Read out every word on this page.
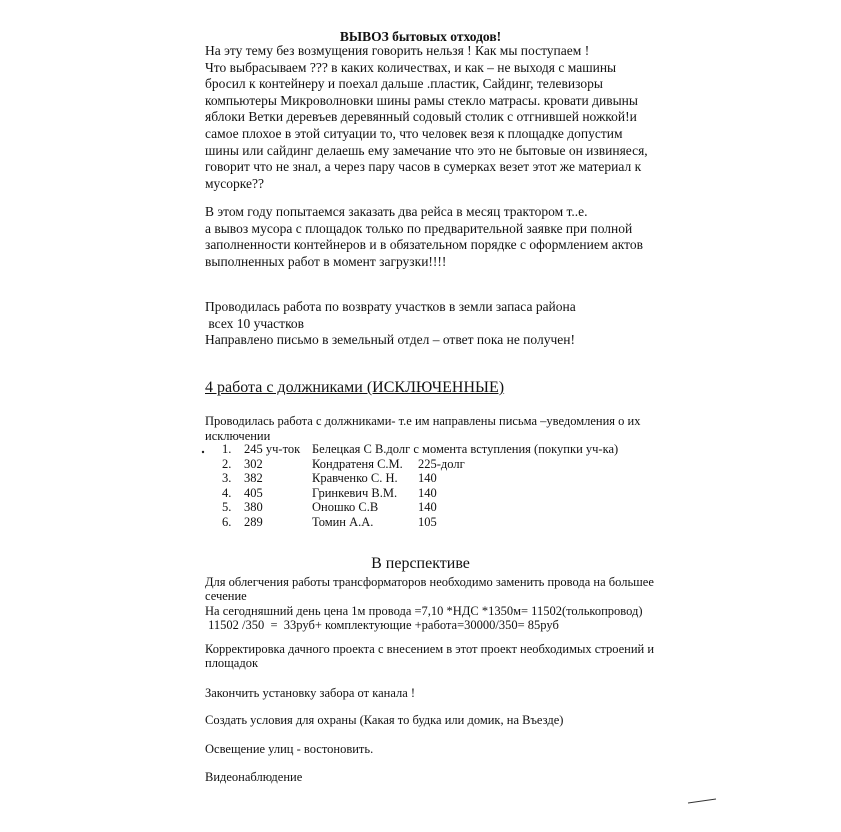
ВЫВОЗ бытовых отходов!
На эту тему без возмущения говорить нельзя ! Как мы поступаем !
Что выбрасываем ??? в каких количествах, и как – не выходя с машины
бросил к контейнеру и поехал дальше .пластик, Сайдинг, телевизоры
компьютеры Микроволновки шины рамы стекло матрасы. кровати дивыны
яблоки Ветки деревъев деревянный содовый столик с отгнившей ножкой!и
самое плохое в этой ситуации то, что человек везя к площадке допустим
шины или сайдинг делаешь ему замечание что это не бытовые он извиняеся,
говорит что не знал, а через пару часов в сумерках везет этот же материал к
мусорке??
В этом году попытаемся заказать два рейса в месяц трактором т..е.
а вывоз мусора с площадок только по предварительной заявке при полной
заполненности контейнеров и в обязательном порядке с оформлением актов
выполненных работ в момент загрузки!!!!
Проводилась работа по возврату участков в земли запаса района
всех 10 участков
Направлено письмо в земельный отдел – ответ пока не получен!
4 работа с должниками (ИСКЛЮЧЕННЫЕ)
Проводилась работа с должниками- т.е им направлены письма –уведомления о их
исключении
1.	245 уч-ток Белецкая С В.долг с момента вступления (покупки уч-ка)
2.	302	Кондратеня С.М. 225-долг
3.	382	Кравченко С. Н. 140
4.	405	Гринкевич В.М. 140
5.	380	Оношко С.В	140
6.	289	Томин А.А.	105
В перспективе
Для облегчения работы трансформаторов необходимо заменить провода на большее
сечение
На сегодняшний день цена 1м провода =7,10 *НДС *1350м= 11502(толькопровод)
11502 /350  =  33руб+ комплектующие +работа=30000/350= 85руб
Корректировка дачного проекта с внесением в этот проект необходимых строений и
площадок
Закончить установку забора от канала !
Создать условия для охраны (Какая то будка или домик, на Въезде)
Освещение улиц - востоновить.
Видеонаблюдение
